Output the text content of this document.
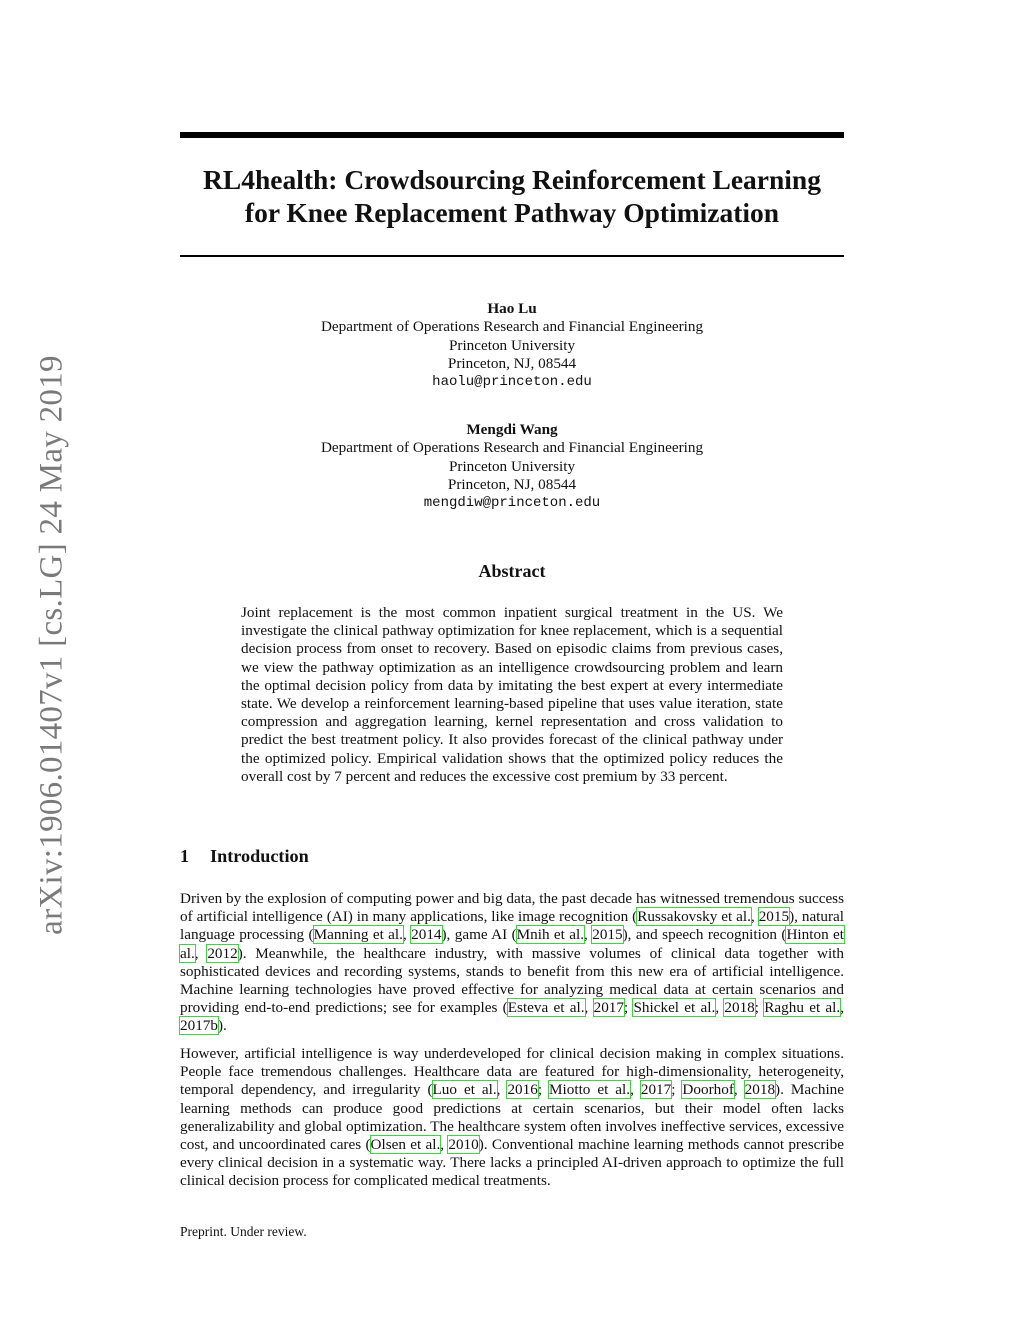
arXiv:1906.01407v1 [cs.LG] 24 May 2019
RL4health: Crowdsourcing Reinforcement Learning
for Knee Replacement Pathway Optimization
Hao Lu
Department of Operations Research and Financial Engineering
Princeton University
Princeton, NJ, 08544
haolu@princeton.edu
Mengdi Wang
Department of Operations Research and Financial Engineering
Princeton University
Princeton, NJ, 08544
mengdiw@princeton.edu
Abstract

Joint replacement is the most common inpatient surgical treatment in the US. We investigate the clinical pathway optimization for knee replacement, which is a sequential decision process from onset to recovery. Based on episodic claims from previous cases, we view the pathway optimization as an intelligence crowdsourcing problem and learn the optimal decision policy from data by imitating the best expert at every intermediate state. We develop a reinforcement learning-based pipeline that uses value iteration, state compression and aggregation learning, kernel representation and cross validation to predict the best treatment policy. It also provides forecast of the clinical pathway under the optimized policy. Empirical validation shows that the optimized policy reduces the overall cost by 7 percent and reduces the excessive cost premium by 33 percent.

1 Introduction

Driven by the explosion of computing power and big data, the past decade has witnessed tremendous success of artificial intelligence (AI) in many applications, like image recognition (Russakovsky et al., 2015), natural language processing (Manning et al., 2014), game AI (Mnih et al., 2015), and speech recognition (Hinton et al., 2012). Meanwhile, the healthcare industry, with massive volumes of clinical data together with sophisticated devices and recording systems, stands to benefit from this new era of artificial intelligence. Machine learning technologies have proved effective for analyzing medical data at certain scenarios and providing end-to-end predictions; see for examples (Esteva et al., 2017; Shickel et al., 2018; Raghu et al., 2017b).

However, artificial intelligence is way underdeveloped for clinical decision making in complex situations. People face tremendous challenges. Healthcare data are featured for high-dimensionality, heterogeneity, temporal dependency, and irregularity (Luo et al., 2016; Miotto et al., 2017; Doorhof, 2018). Machine learning methods can produce good predictions at certain scenarios, but their model often lacks generalizability and global optimization. The healthcare system often involves ineffective services, excessive cost, and uncoordinated cares (Olsen et al., 2010). Conventional machine learning methods cannot prescribe every clinical decision in a systematic way. There lacks a principled AI-driven approach to optimize the full clinical decision process for complicated medical treatments.

Preprint. Under review.
